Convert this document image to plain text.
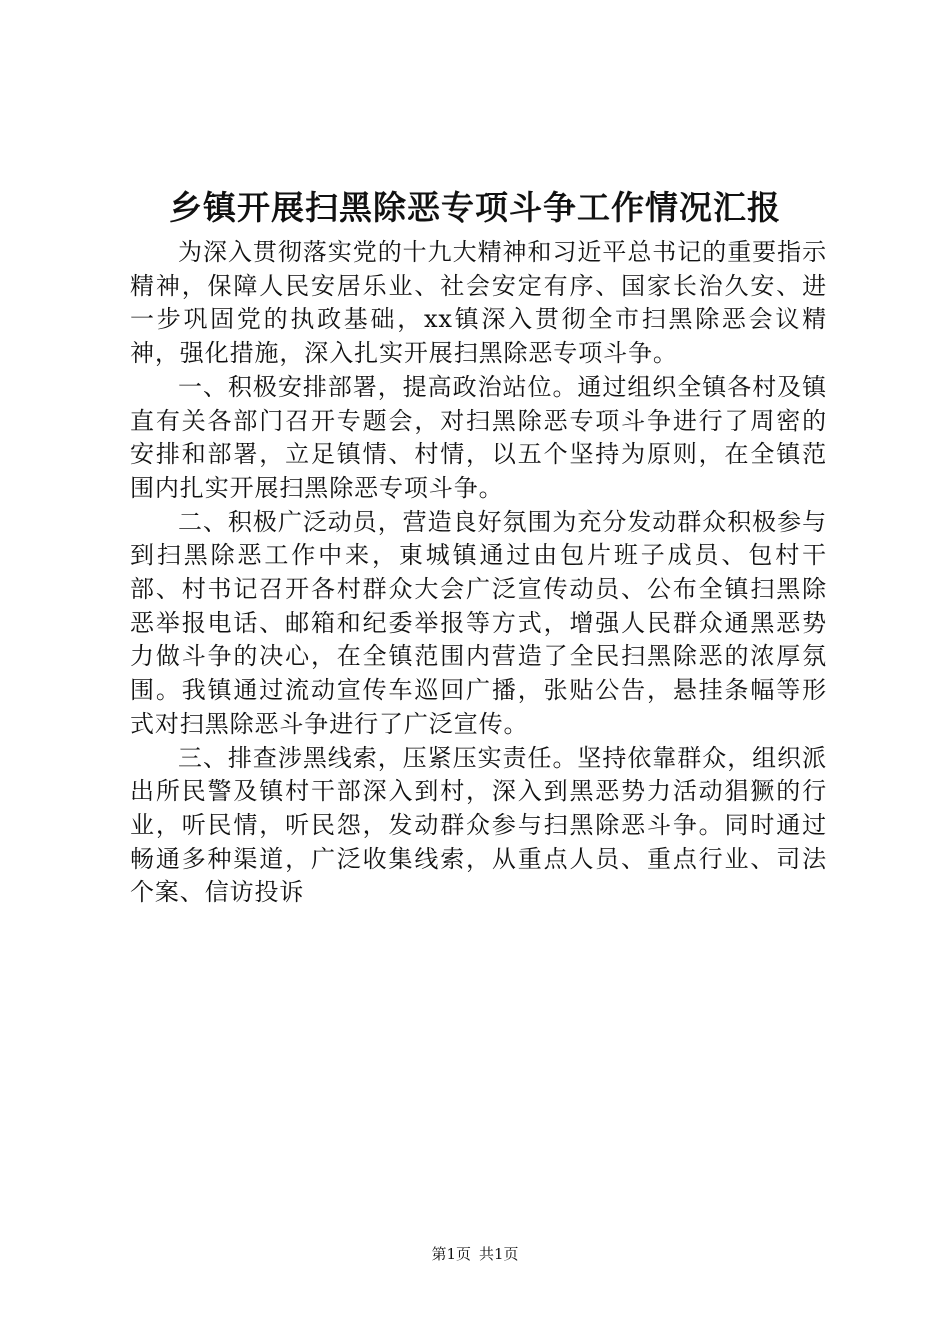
乡镇开展扫黑除恶专项斗争工作情况汇报

为深入贯彻落实党的十九大精神和习近平总书记的重要指示精神，保障人民安居乐业、社会安定有序、国家长治久安、进一步巩固党的执政基础，xx镇深入贯彻全市扫黑除恶会议精神，强化措施，深入扎实开展扫黑除恶专项斗争。

一、积极安排部署，提高政治站位。通过组织全镇各村及镇直有关各部门召开专题会，对扫黑除恶专项斗争进行了周密的安排和部署，立足镇情、村情，以五个坚持为原则，在全镇范围内扎实开展扫黑除恶专项斗争。

二、积极广泛动员，营造良好氛围为充分发动群众积极参与到扫黑除恶工作中来，東城镇通过由包片班子成员、包村干部、村书记召开各村群众大会广泛宣传动员、公布全镇扫黑除恶举报电话、邮箱和纪委举报等方式，增强人民群众通黑恶势力做斗争的决心，在全镇范围内营造了全民扫黑除恶的浓厚氛围。我镇通过流动宣传车巡回广播，张贴公告，悬挂条幅等形式对扫黑除恶斗争进行了广泛宣传。

三、排查涉黑线索，压紧压实责任。坚持依靠群众，组织派出所民警及镇村干部深入到村，深入到黑恶势力活动猖獗的行业，听民情，听民怨，发动群众参与扫黑除恶斗争。同时通过畅通多种渠道，广泛收集线索，从重点人员、重点行业、司法个案、信访投诉

第1页 共1页
